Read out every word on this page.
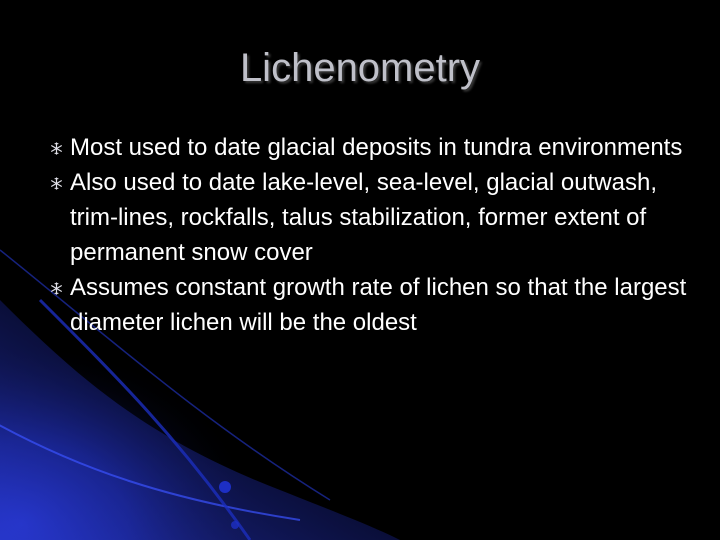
Lichenometry
Most used to date glacial deposits in tundra environments
Also used to date lake-level, sea-level, glacial outwash, trim-lines, rockfalls, talus stabilization, former extent of permanent snow cover
Assumes constant growth rate of lichen so that the largest diameter lichen will be the oldest
